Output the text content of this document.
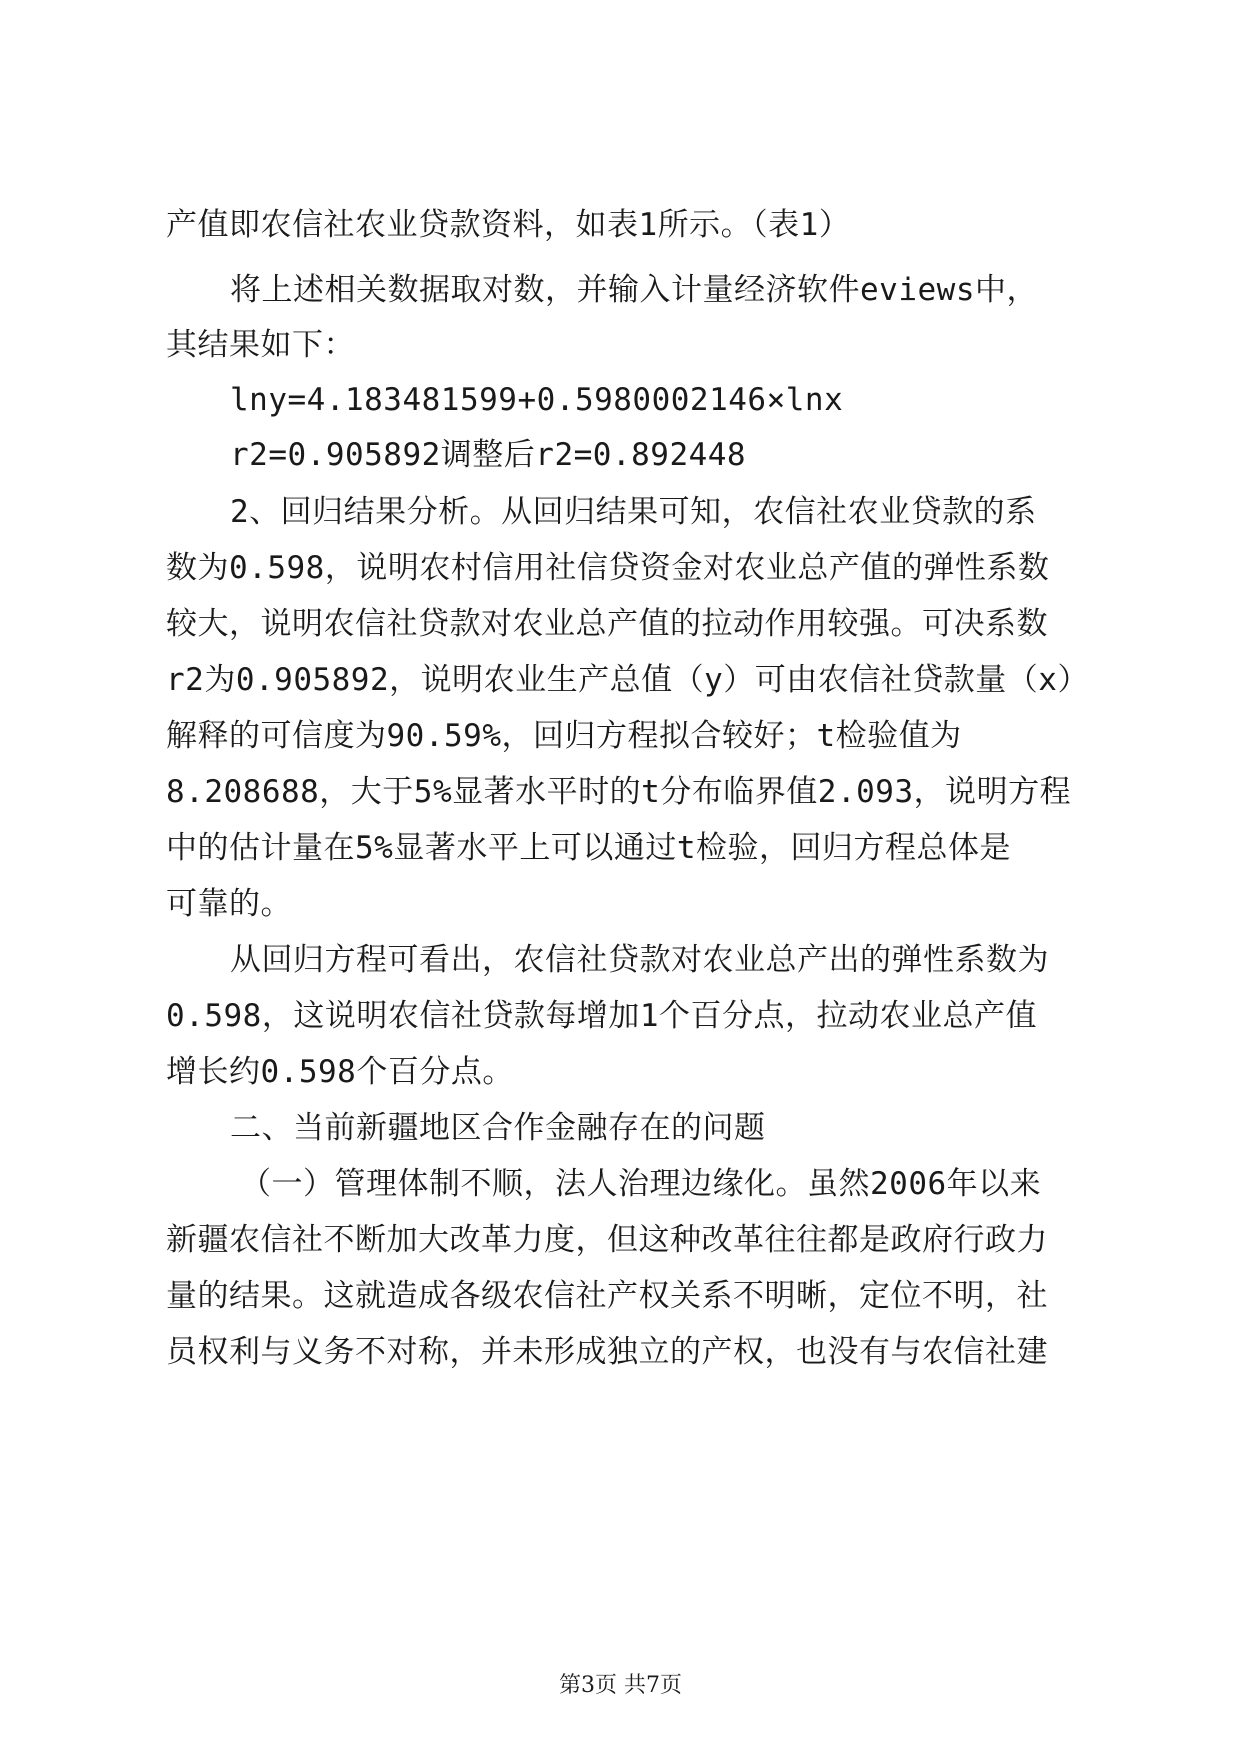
产值即农信社农业贷款资料，如表1所示。（表1）
将上述相关数据取对数，并输入计量经济软件eviews中，
其结果如下：
lny=4.183481599+0.5980002146×lnx
r2=0.905892调整后r2=0.892448
2、回归结果分析。从回归结果可知，农信社农业贷款的系
数为0.598，说明农村信用社信贷资金对农业总产值的弹性系数
较大，说明农信社贷款对农业总产值的拉动作用较强。可决系数
r2为0.905892，说明农业生产总值（y）可由农信社贷款量（x）
解释的可信度为90.59%，回归方程拟合较好；t检验值为
8.208688，大于5%显著水平时的t分布临界值2.093，说明方程
中的估计量在5%显著水平上可以通过t检验，回归方程总体是
可靠的。
从回归方程可看出，农信社贷款对农业总产出的弹性系数为
0.598，这说明农信社贷款每增加1个百分点，拉动农业总产值
增长约0.598个百分点。
二、当前新疆地区合作金融存在的问题
（一）管理体制不顺，法人治理边缘化。虽然2006年以来
新疆农信社不断加大改革力度，但这种改革往往都是政府行政力
量的结果。这就造成各级农信社产权关系不明晰，定位不明，社
员权利与义务不对称，并未形成独立的产权，也没有与农信社建
第3页 共7页
